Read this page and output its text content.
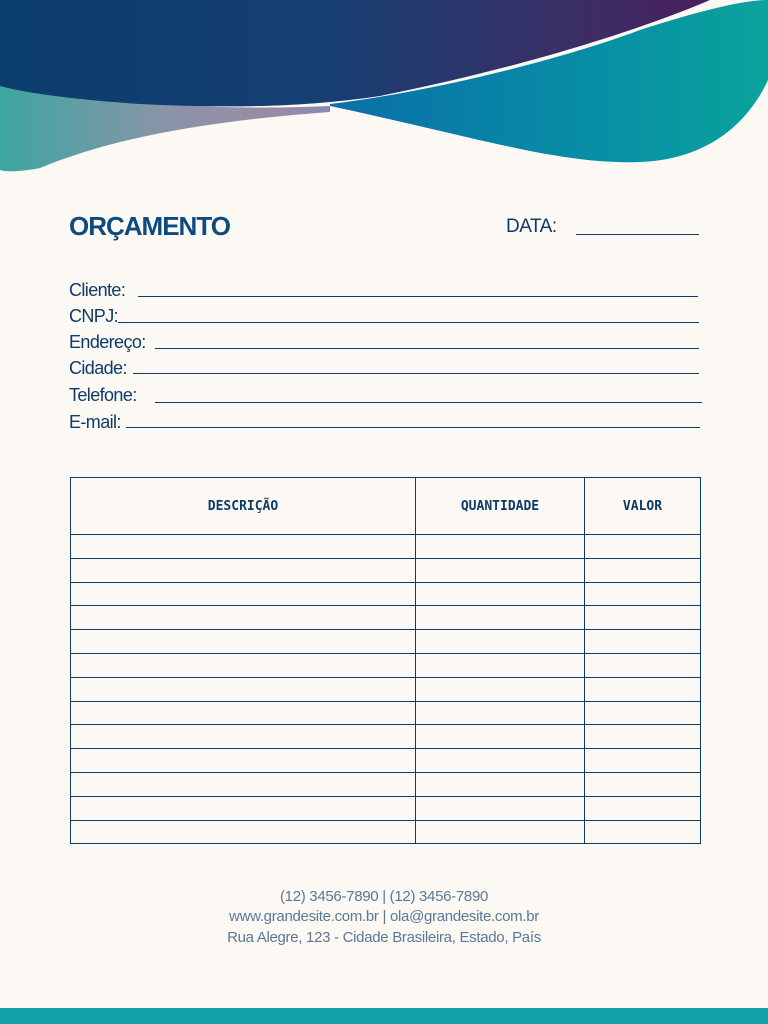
ORÇAMENTO	DATA:
Cliente:
CNPJ:
Endereço:
Cidade:
Telefone:
E-mail:
DESCRIÇÃO	QUANTIDADE	VALOR

(12) 3456-7890 | (12) 3456-7890
www.grandesite.com.br | ola@grandesite.com.br
Rua Alegre, 123 - Cidade Brasileira, Estado, País
